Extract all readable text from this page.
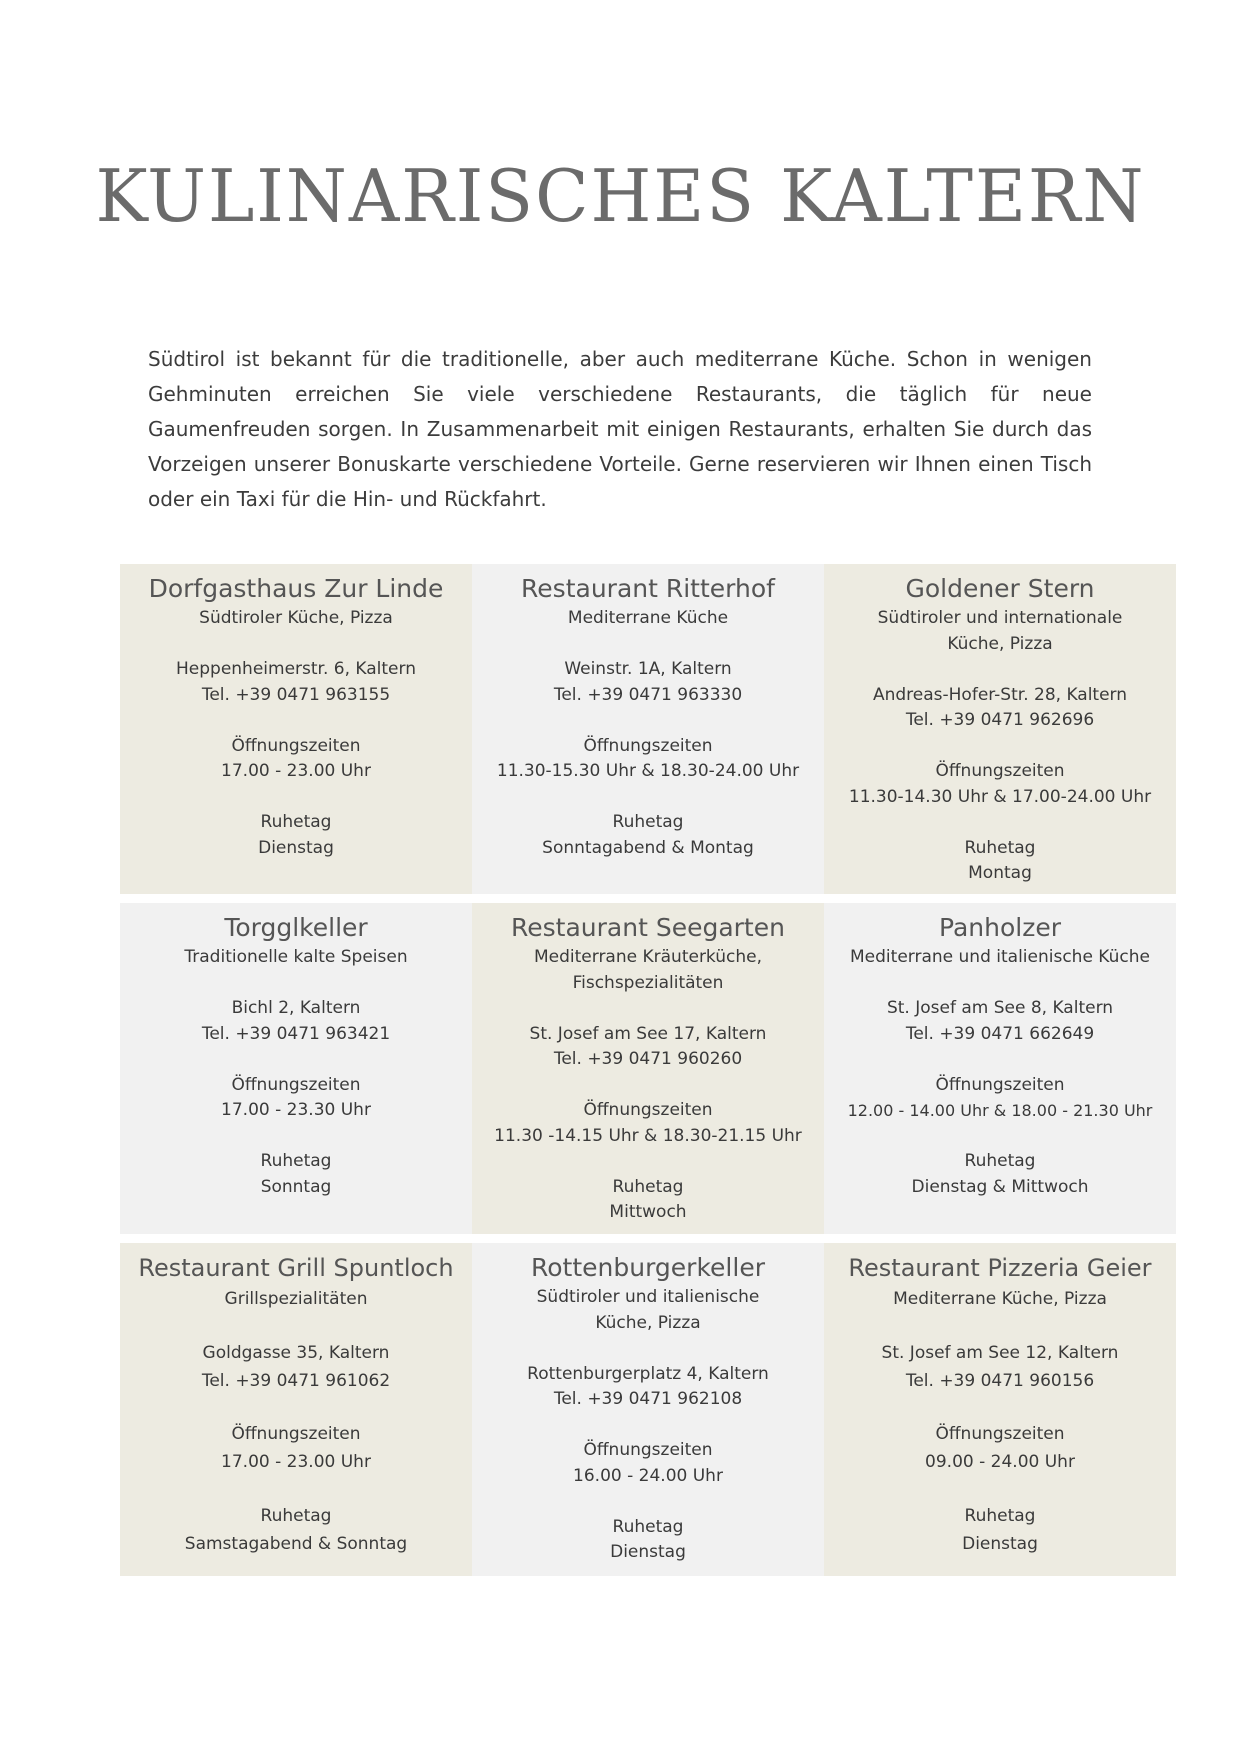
KULINARISCHES KALTERN

Südtirol ist bekannt für die traditionelle, aber auch mediterrane Küche. Schon in wenigen Gehminuten erreichen Sie viele verschiedene Restaurants, die täglich für neue Gaumenfreuden sorgen. In Zusammenarbeit mit einigen Restaurants, erhalten Sie durch das Vorzeigen unserer Bonuskarte verschiedene Vorteile. Gerne reservieren wir Ihnen einen Tisch oder ein Taxi für die Hin- und Rückfahrt.

Dorfgasthaus Zur Linde
Südtiroler Küche, Pizza
Heppenheimerstr. 6, Kaltern
Tel. +39 0471 963155
Öffnungszeiten
17.00 - 23.00 Uhr
Ruhetag
Dienstag
Restaurant Ritterhof
Mediterrane Küche
Weinstr. 1A, Kaltern
Tel. +39 0471 963330
Öffnungszeiten
11.30-15.30 Uhr & 18.30-24.00 Uhr
Ruhetag
Sonntagabend & Montag
Goldener Stern
Südtiroler und internationale Küche, Pizza
Andreas-Hofer-Str. 28, Kaltern
Tel. +39 0471 962696
Öffnungszeiten
11.30-14.30 Uhr & 17.00-24.00 Uhr
Ruhetag
Montag
Torgglkeller
Traditionelle kalte Speisen
Bichl 2, Kaltern
Tel. +39 0471 963421
Öffnungszeiten
17.00 - 23.30 Uhr
Ruhetag
Sonntag
Restaurant Seegarten
Mediterrane Kräuterküche, Fischspezialitäten
St. Josef am See 17, Kaltern
Tel. +39 0471 960260
Öffnungszeiten
11.30 -14.15 Uhr & 18.30-21.15 Uhr
Ruhetag
Mittwoch
Panholzer
Mediterrane und italienische Küche
St. Josef am See 8, Kaltern
Tel. +39 0471 662649
Öffnungszeiten
12.00 - 14.00 Uhr & 18.00 - 21.30 Uhr
Ruhetag
Dienstag & Mittwoch
Restaurant Grill Spuntloch
Grillspezialitäten
Goldgasse 35, Kaltern
Tel. +39 0471 961062
Öffnungszeiten
17.00 - 23.00 Uhr
Ruhetag
Samstagabend & Sonntag
Rottenburgerkeller
Südtiroler und italienische Küche, Pizza
Rottenburgerplatz 4, Kaltern
Tel. +39 0471 962108
Öffnungszeiten
16.00 - 24.00 Uhr
Ruhetag
Dienstag
Restaurant Pizzeria Geier
Mediterrane Küche, Pizza
St. Josef am See 12, Kaltern
Tel. +39 0471 960156
Öffnungszeiten
09.00 - 24.00 Uhr
Ruhetag
Dienstag
